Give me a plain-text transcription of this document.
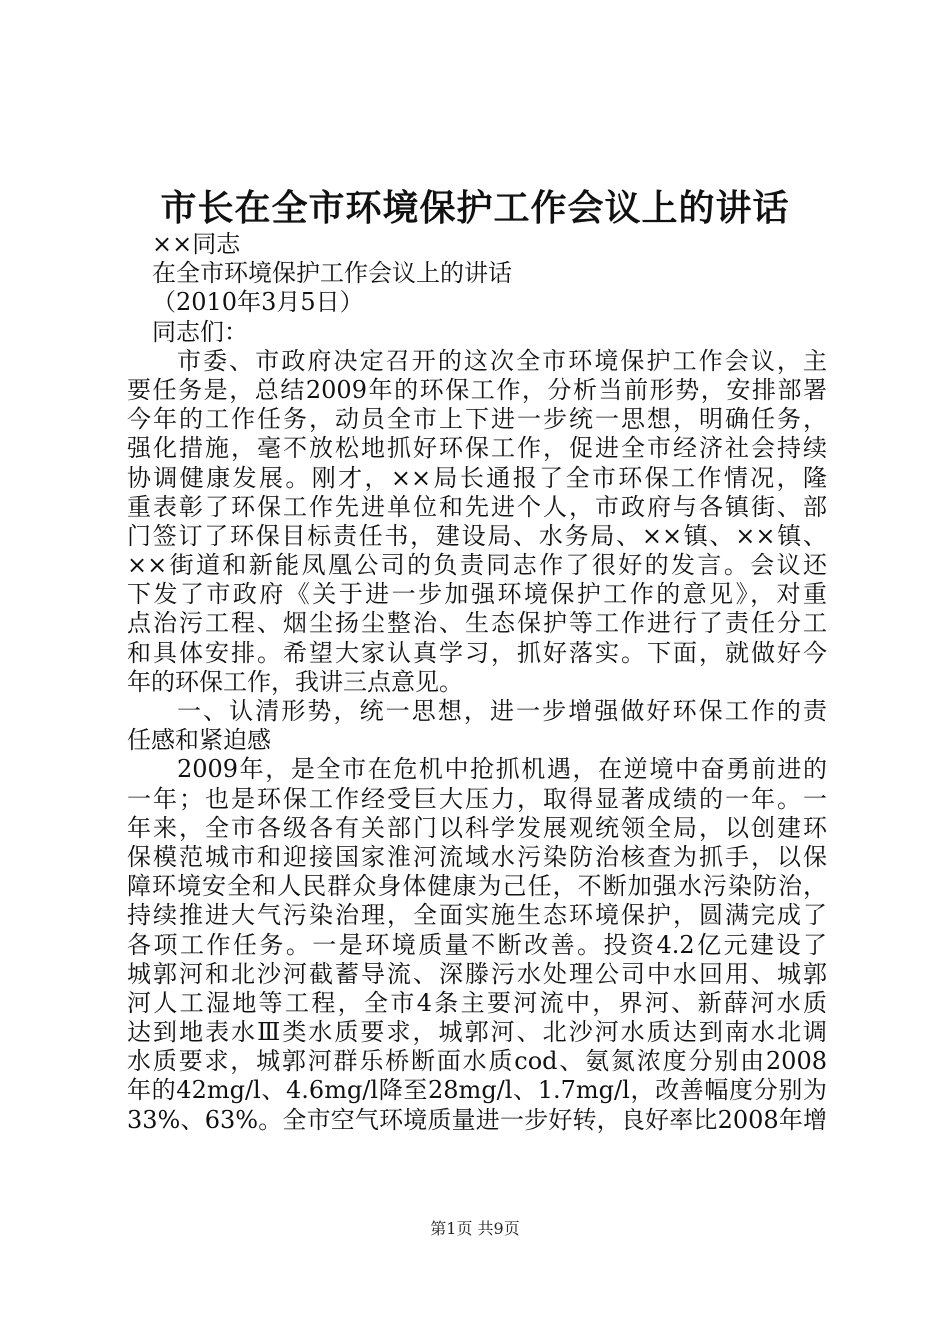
市长在全市环境保护工作会议上的讲话
××同志
在全市环境保护工作会议上的讲话
（2010年3月5日）
同志们：
市委、市政府决定召开的这次全市环境保护工作会议，主
要任务是，总结2009年的环保工作，分析当前形势，安排部署
今年的工作任务，动员全市上下进一步统一思想，明确任务，
强化措施，毫不放松地抓好环保工作，促进全市经济社会持续
协调健康发展。刚才，××局长通报了全市环保工作情况，隆
重表彰了环保工作先进单位和先进个人，市政府与各镇街、部
门签订了环保目标责任书，建设局、水务局、××镇、××镇、
××街道和新能凤凰公司的负责同志作了很好的发言。会议还
下发了市政府《关于进一步加强环境保护工作的意见》，对重
点治污工程、烟尘扬尘整治、生态保护等工作进行了责任分工
和具体安排。希望大家认真学习，抓好落实。下面，就做好今
年的环保工作，我讲三点意见。
一、认清形势，统一思想，进一步增强做好环保工作的责
任感和紧迫感
2009年，是全市在危机中抢抓机遇，在逆境中奋勇前进的
一年；也是环保工作经受巨大压力，取得显著成绩的一年。一
年来，全市各级各有关部门以科学发展观统领全局，以创建环
保模范城市和迎接国家淮河流域水污染防治核查为抓手，以保
障环境安全和人民群众身体健康为己任，不断加强水污染防治，
持续推进大气污染治理，全面实施生态环境保护，圆满完成了
各项工作任务。一是环境质量不断改善。投资4.2亿元建设了
城郭河和北沙河截蓄导流、深滕污水处理公司中水回用、城郭
河人工湿地等工程，全市4条主要河流中，界河、新薛河水质
达到地表水Ⅲ类水质要求，城郭河、北沙河水质达到南水北调
水质要求，城郭河群乐桥断面水质cod、氨氮浓度分别由2008
年的42mg/l、4.6mg/l降至28mg/l、1.7mg/l，改善幅度分别为
33%、63%。全市空气环境质量进一步好转，良好率比2008年增
第1页 共9页
